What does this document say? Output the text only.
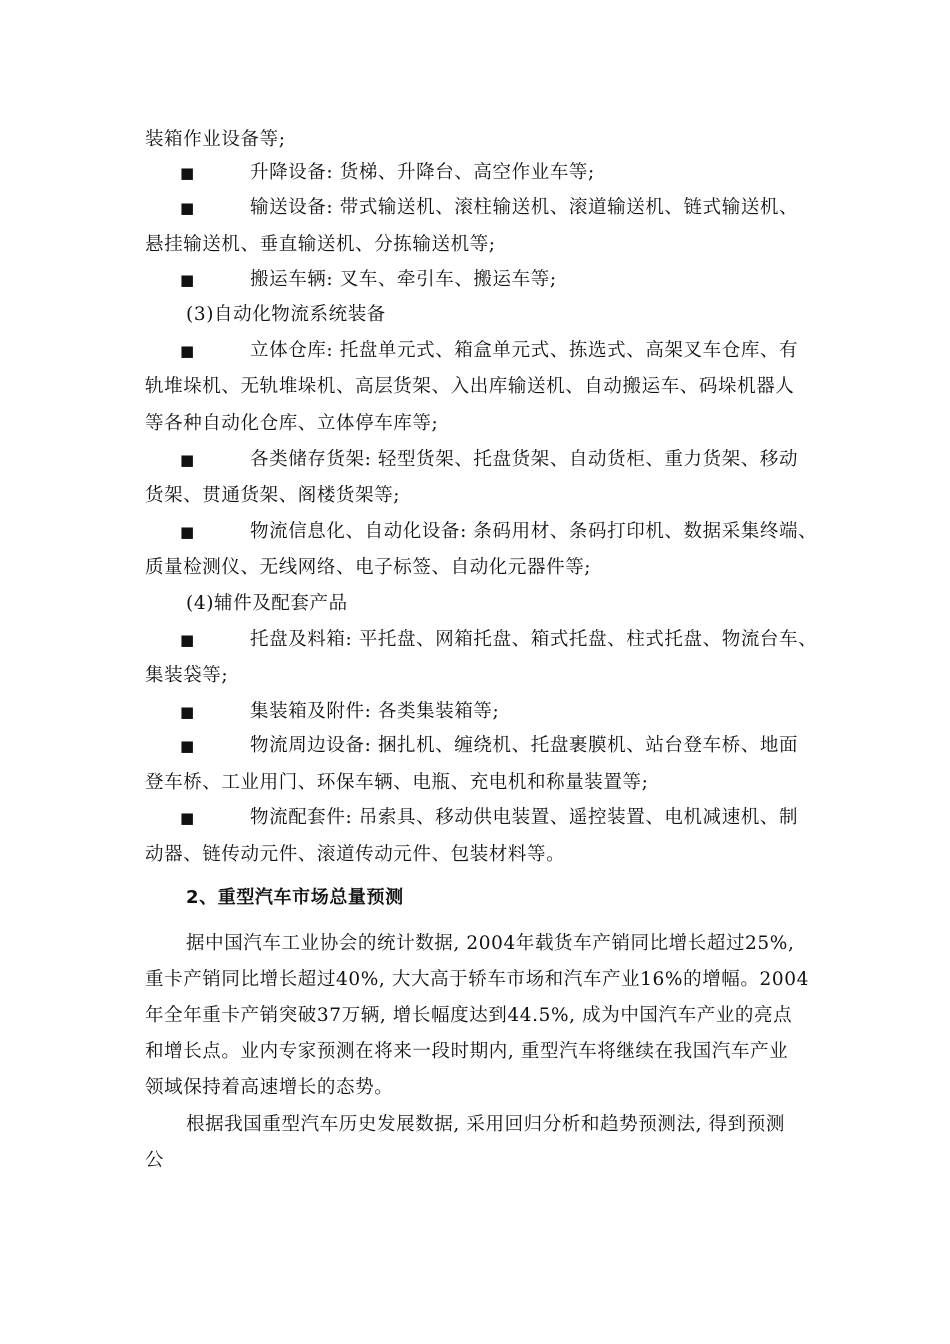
装箱作业设备等;
■	升降设备: 货梯、升降台、高空作业车等;
■	输送设备: 带式输送机、滚柱输送机、滚道输送机、链式输送机、
悬挂输送机、垂直输送机、分拣输送机等;
■	搬运车辆: 叉车、牵引车、搬运车等;
(3)自动化物流系统装备
■	立体仓库: 托盘单元式、箱盒单元式、拣选式、高架叉车仓库、有
轨堆垛机、无轨堆垛机、高层货架、入出库输送机、自动搬运车、码垛机器人
等各种自动化仓库、立体停车库等;
■	各类储存货架: 轻型货架、托盘货架、自动货柜、重力货架、移动
货架、贯通货架、阁楼货架等;
■	物流信息化、自动化设备: 条码用材、条码打印机、数据采集终端、
质量检测仪、无线网络、电子标签、自动化元器件等;
(4)辅件及配套产品
■	托盘及料箱: 平托盘、网箱托盘、箱式托盘、柱式托盘、物流台车、
集装袋等;
■	集装箱及附件: 各类集装箱等;
■	物流周边设备: 捆扎机、缠绕机、托盘裹膜机、站台登车桥、地面
登车桥、工业用门、环保车辆、电瓶、充电机和称量装置等;
■	物流配套件: 吊索具、移动供电装置、遥控装置、电机减速机、制
动器、链传动元件、滚道传动元件、包装材料等。
2、重型汽车市场总量预测
据中国汽车工业协会的统计数据, 2004年载货车产销同比增长超过25%,
重卡产销同比增长超过40%, 大大高于轿车市场和汽车产业16%的增幅。2004
年全年重卡产销突破37万辆, 增长幅度达到44.5%, 成为中国汽车产业的亮点
和增长点。业内专家预测在将来一段时期内, 重型汽车将继续在我国汽车产业
领域保持着高速增长的态势。
根据我国重型汽车历史发展数据, 采用回归分析和趋势预测法, 得到预测
公
